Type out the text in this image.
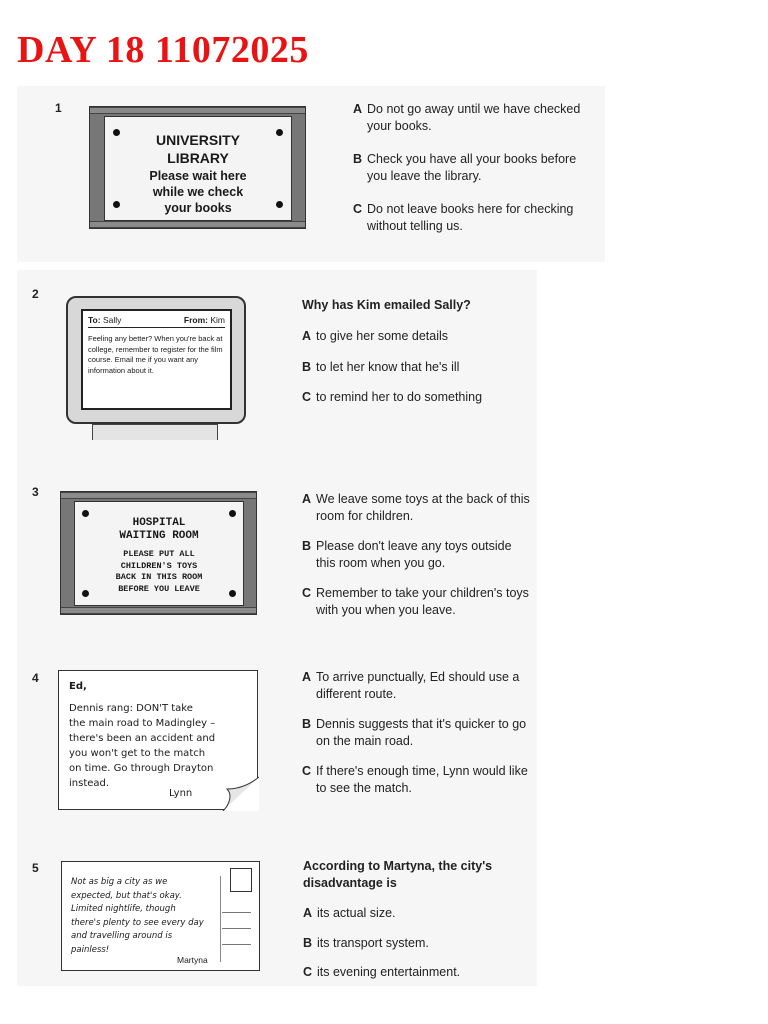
DAY 18 11072025
1
UNIVERSITY
LIBRARY
Please wait here
while we check
your books
A Do not go away until we have checked your books.
B Check you have all your books before you leave the library.
C Do not leave books here for checking without telling us.
2
To: Sally	From: Kim
Feeling any better? When you're back at college, remember to register for the film course. Email me if you want any information about it.
Why has Kim emailed Sally?
A to give her some details
B to let her know that he's ill
C to remind her to do something
3
HOSPITAL
WAITING ROOM
PLEASE PUT ALL
CHILDREN'S TOYS
BACK IN THIS ROOM
BEFORE YOU LEAVE
A We leave some toys at the back of this room for children.
B Please don't leave any toys outside this room when you go.
C Remember to take your children's toys with you when you leave.
4
Ed,
Dennis rang: DON'T take
the main road to Madingley –
there's been an accident and
you won't get to the match
on time. Go through Drayton
instead.
Lynn
A To arrive punctually, Ed should use a different route.
B Dennis suggests that it's quicker to go on the main road.
C If there's enough time, Lynn would like to see the match.
5
Not as big a city as we
expected, but that's okay.
Limited nightlife, though
there's plenty to see every day
and travelling around is
painless!
Martyna
According to Martyna, the city's disadvantage is
A its actual size.
B its transport system.
C its evening entertainment.
